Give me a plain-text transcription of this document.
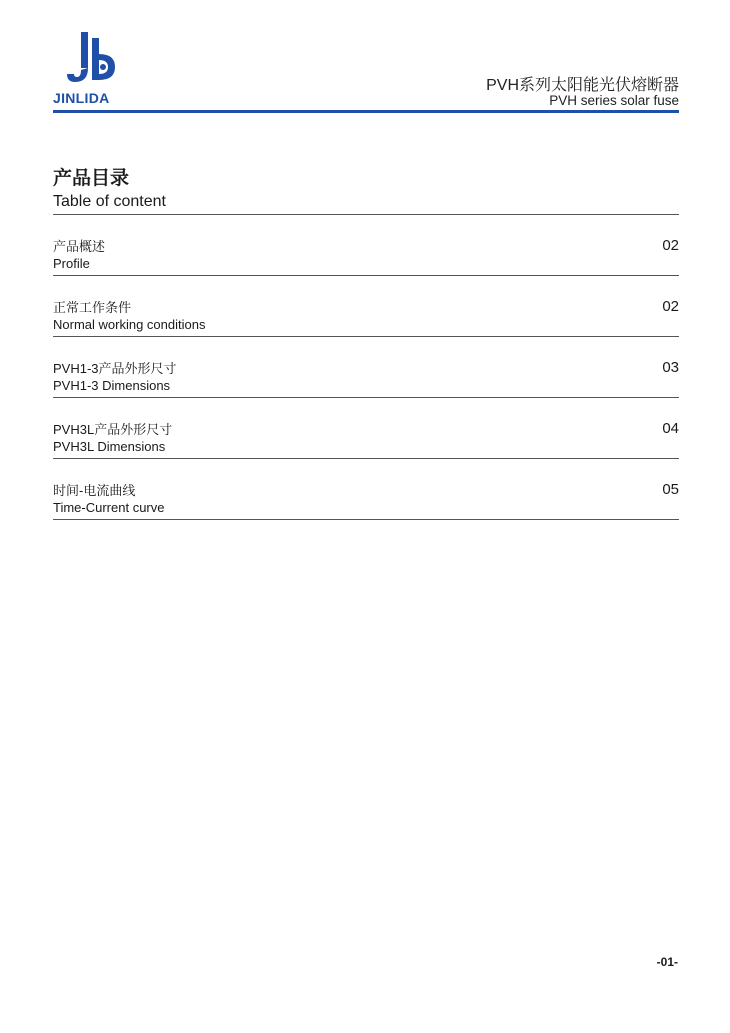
JINLIDA
PVH系列太阳能光伏熔断器
PVH series solar fuse
产品目录
Table of content
产品概述
Profile
02
正常工作条件
Normal working conditions
02
PVH1-3产品外形尺寸
PVH1-3 Dimensions
03
PVH3L产品外形尺寸
PVH3L Dimensions
04
时间-电流曲线
Time-Current curve
05
-01-
